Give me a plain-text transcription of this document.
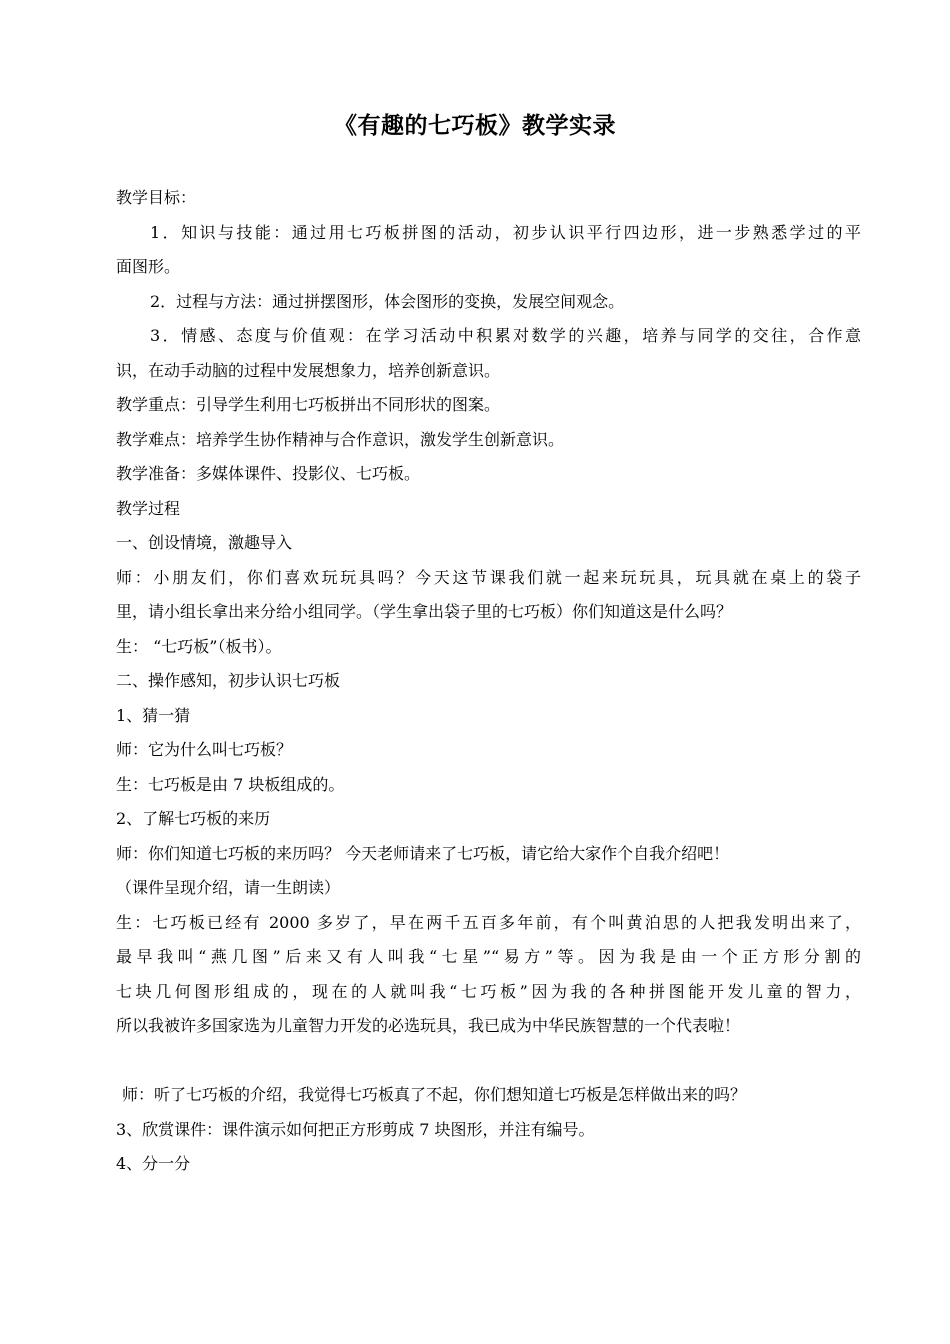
《有趣的七巧板》教学实录
教学目标：
1．知识与技能：通过用七巧板拼图的活动，初步认识平行四边形，进一步熟悉学过的平
面图形。
2．过程与方法：通过拼摆图形，体会图形的变换，发展空间观念。
3．情感、态度与价值观：在学习活动中积累对数学的兴趣，培养与同学的交往，合作意
识，在动手动脑的过程中发展想象力，培养创新意识。
教学重点：引导学生利用七巧板拼出不同形状的图案。
教学难点：培养学生协作精神与合作意识，激发学生创新意识。
教学准备：多媒体课件、投影仪、七巧板。
教学过程
一、创设情境，激趣导入
师：小朋友们，你们喜欢玩玩具吗？今天这节课我们就一起来玩玩具，玩具就在桌上的袋子
里，请小组长拿出来分给小组同学。（学生拿出袋子里的七巧板）你们知道这是什么吗？
生： “七巧板”（板书）。
二、操作感知，初步认识七巧板
1、猜一猜
师：它为什么叫七巧板？
生：七巧板是由 7 块板组成的。
2、了解七巧板的来历
师：你们知道七巧板的来历吗？ 今天老师请来了七巧板，请它给大家作个自我介绍吧！
（课件呈现介绍，请一生朗读）
生：七巧板已经有 2000 多岁了，早在两千五百多年前，有个叫黄泊思的人把我发明出来了，
最早我叫“燕几图”后来又有人叫我“七星”“易方”等。因为我是由一个正方形分割的
七块几何图形组成的，现在的人就叫我“七巧板”因为我的各种拼图能开发儿童的智力，
所以我被许多国家选为儿童智力开发的必选玩具，我已成为中华民族智慧的一个代表啦！
师：听了七巧板的介绍，我觉得七巧板真了不起，你们想知道七巧板是怎样做出来的吗？
3、欣赏课件：课件演示如何把正方形剪成 7 块图形，并注有编号。
4、分一分
